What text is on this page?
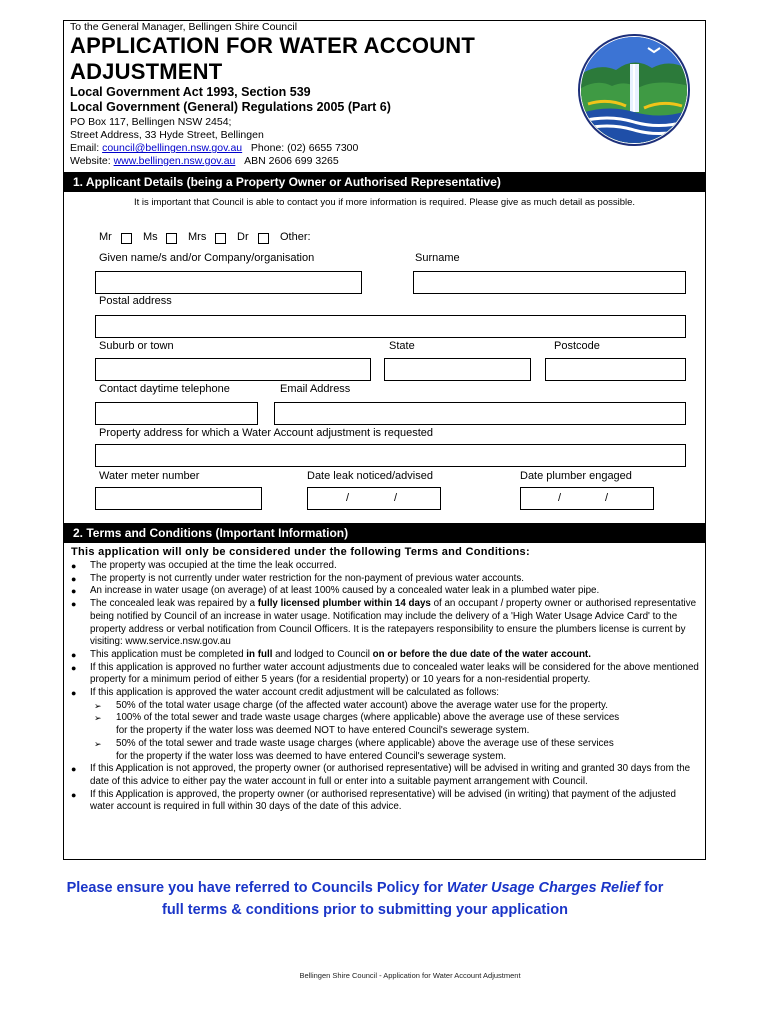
To the General Manager, Bellingen Shire Council
APPLICATION FOR WATER ACCOUNT
ADJUSTMENT
Local Government Act 1993, Section 539
Local Government (General) Regulations 2005 (Part 6)
PO Box 117, Bellingen NSW 2454;
Street Address, 33 Hyde Street, Bellingen
Email: council@bellingen.nsw.gov.au Phone: (02) 6655 7300
Website: www.bellingen.nsw.gov.au ABN 2606 699 3265
1. Applicant Details (being a Property Owner or Authorised Representative)
It is important that Council is able to contact you if more information is required. Please give as much detail as possible.
Mr	Ms	Mrs	Dr	Other:
Given name/s and/or Company/organisation	Surname
Postal address
Suburb or town	State	Postcode
Contact daytime telephone	Email Address
Property address for which a Water Account adjustment is requested
Water meter number	Date leak noticed/advised	Date plumber engaged
/	/	/	/
2. Terms and Conditions (Important Information)
This application will only be considered under the following Terms and Conditions:
● The property was occupied at the time the leak occurred.
● The property is not currently under water restriction for the non-payment of previous water accounts.
● An increase in water usage (on average) of at least 100% caused by a concealed water leak in a plumbed water pipe.
● The concealed leak was repaired by a fully licensed plumber within 14 days of an occupant / property owner or authorised representative being notified by Council of an increase in water usage. Notification may include the delivery of a 'High Water Usage Advice Card' to the property address or verbal notification from Council Officers. It is the ratepayers responsibility to ensure the plumbers license is current by visiting: www.service.nsw.gov.au
● This application must be completed in full and lodged to Council on or before the due date of the water account.
● If this application is approved no further water account adjustments due to concealed water leaks will be considered for the above mentioned property for a minimum period of either 5 years (for a residential property) or 10 years for a non-residential property.
● If this application is approved the water account credit adjustment will be calculated as follows:
➢ 50% of the total water usage charge (of the affected water account) above the average water use for the property.
➢ 100% of the total sewer and trade waste usage charges (where applicable) above the average use of these services
for the property if the water loss was deemed NOT to have entered Council's sewerage system.
➢ 50% of the total sewer and trade waste usage charges (where applicable) above the average use of these services
for the property if the water loss was deemed to have entered Council's sewerage system.
● If this Application is not approved, the property owner (or authorised representative) will be advised in writing and granted 30 days from the date of this advice to either pay the water account in full or enter into a suitable payment arrangement with Council.
● If this Application is approved, the property owner (or authorised representative) will be advised (in writing) that payment of the adjusted water account is required in full within 30 days of the date of this advice.
Please ensure you have referred to Councils Policy for Water Usage Charges Relief for
full terms & conditions prior to submitting your application
Bellingen Shire Council - Application for Water Account Adjustment
